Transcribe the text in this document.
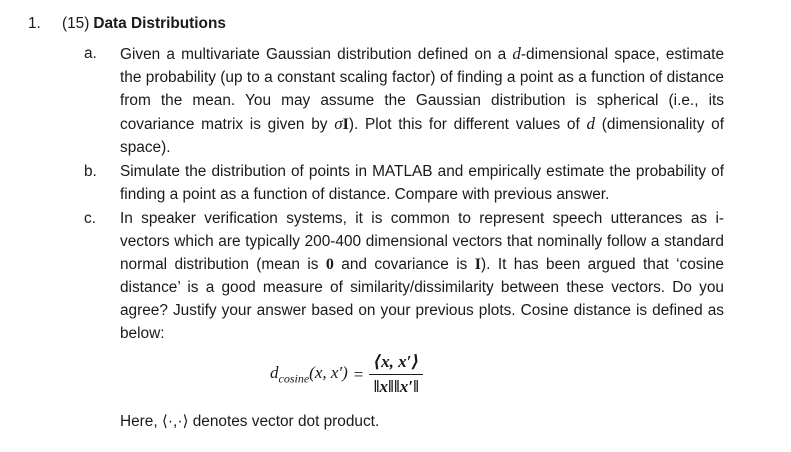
1. (15) Data Distributions
a. Given a multivariate Gaussian distribution defined on a d-dimensional space, estimate the probability (up to a constant scaling factor) of finding a point as a function of distance from the mean. You may assume the Gaussian distribution is spherical (i.e., its covariance matrix is given by σI). Plot this for different values of d (dimensionality of space).
b. Simulate the distribution of points in MATLAB and empirically estimate the probability of finding a point as a function of distance. Compare with previous answer.
c. In speaker verification systems, it is common to represent speech utterances as i-vectors which are typically 200-400 dimensional vectors that nominally follow a standard normal distribution (mean is 0 and covariance is I). It has been argued that ‘cosine distance’ is a good measure of similarity/dissimilarity between these vectors. Do you agree? Justify your answer based on your previous plots. Cosine distance is defined as below:
$d_{cosine}(x$, $x') = \frac{⟨x, x'⟩}{‖x‖‖x'‖}$
Here, ⟨·,·⟩ denotes vector dot product.
